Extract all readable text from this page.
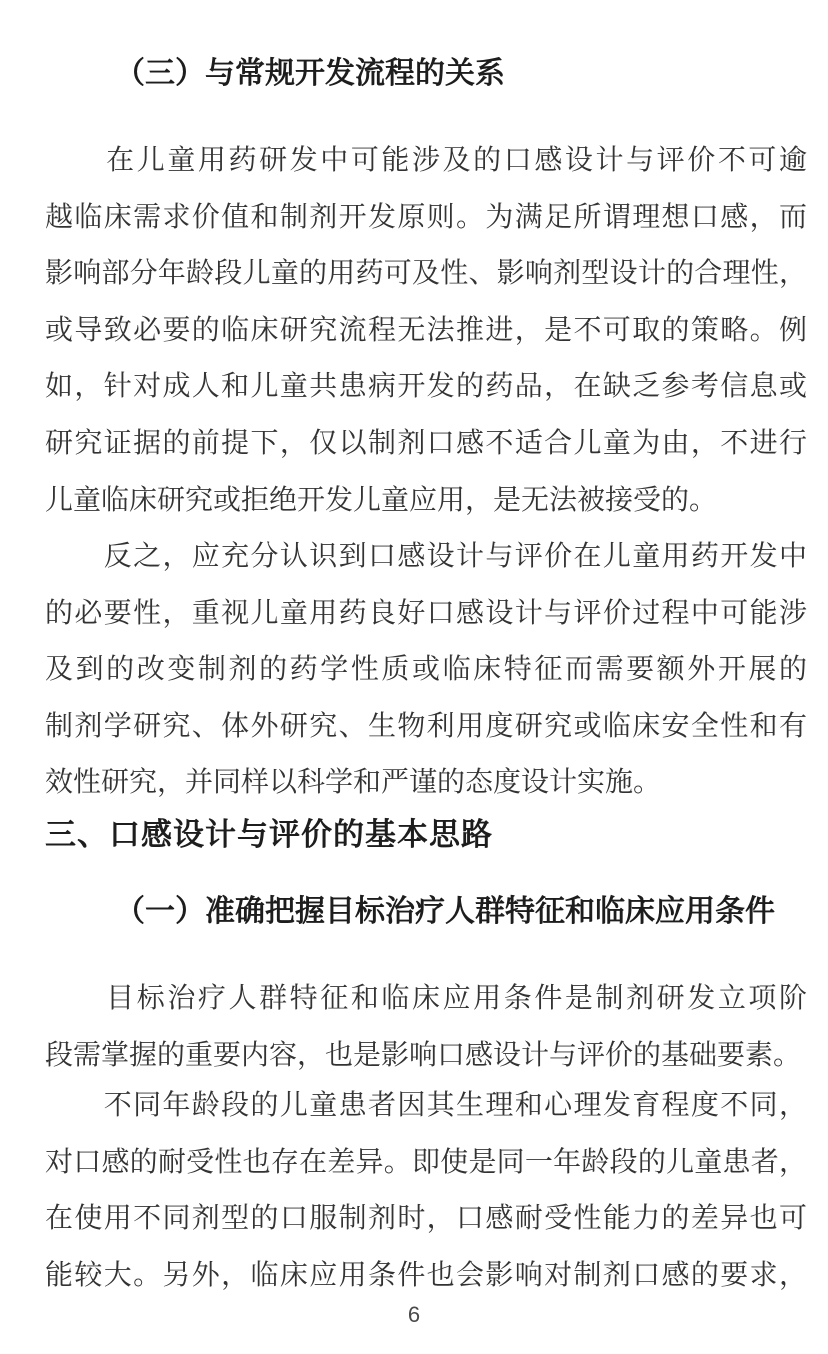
（三）与常规开发流程的关系
　　在儿童用药研发中可能涉及的口感设计与评价不可逾
越临床需求价值和制剂开发原则。为满足所谓理想口感，而
影响部分年龄段儿童的用药可及性、影响剂型设计的合理性，
或导致必要的临床研究流程无法推进，是不可取的策略。例
如，针对成人和儿童共患病开发的药品，在缺乏参考信息或
研究证据的前提下，仅以制剂口感不适合儿童为由，不进行
儿童临床研究或拒绝开发儿童应用，是无法被接受的。
　　反之，应充分认识到口感设计与评价在儿童用药开发中
的必要性，重视儿童用药良好口感设计与评价过程中可能涉
及到的改变制剂的药学性质或临床特征而需要额外开展的
制剂学研究、体外研究、生物利用度研究或临床安全性和有
效性研究，并同样以科学和严谨的态度设计实施。
三、口感设计与评价的基本思路
（一）准确把握目标治疗人群特征和临床应用条件
　　目标治疗人群特征和临床应用条件是制剂研发立项阶
段需掌握的重要内容，也是影响口感设计与评价的基础要素。
　　不同年龄段的儿童患者因其生理和心理发育程度不同，
对口感的耐受性也存在差异。即使是同一年龄段的儿童患者，
在使用不同剂型的口服制剂时，口感耐受性能力的差异也可
能较大。另外，临床应用条件也会影响对制剂口感的要求，
6
